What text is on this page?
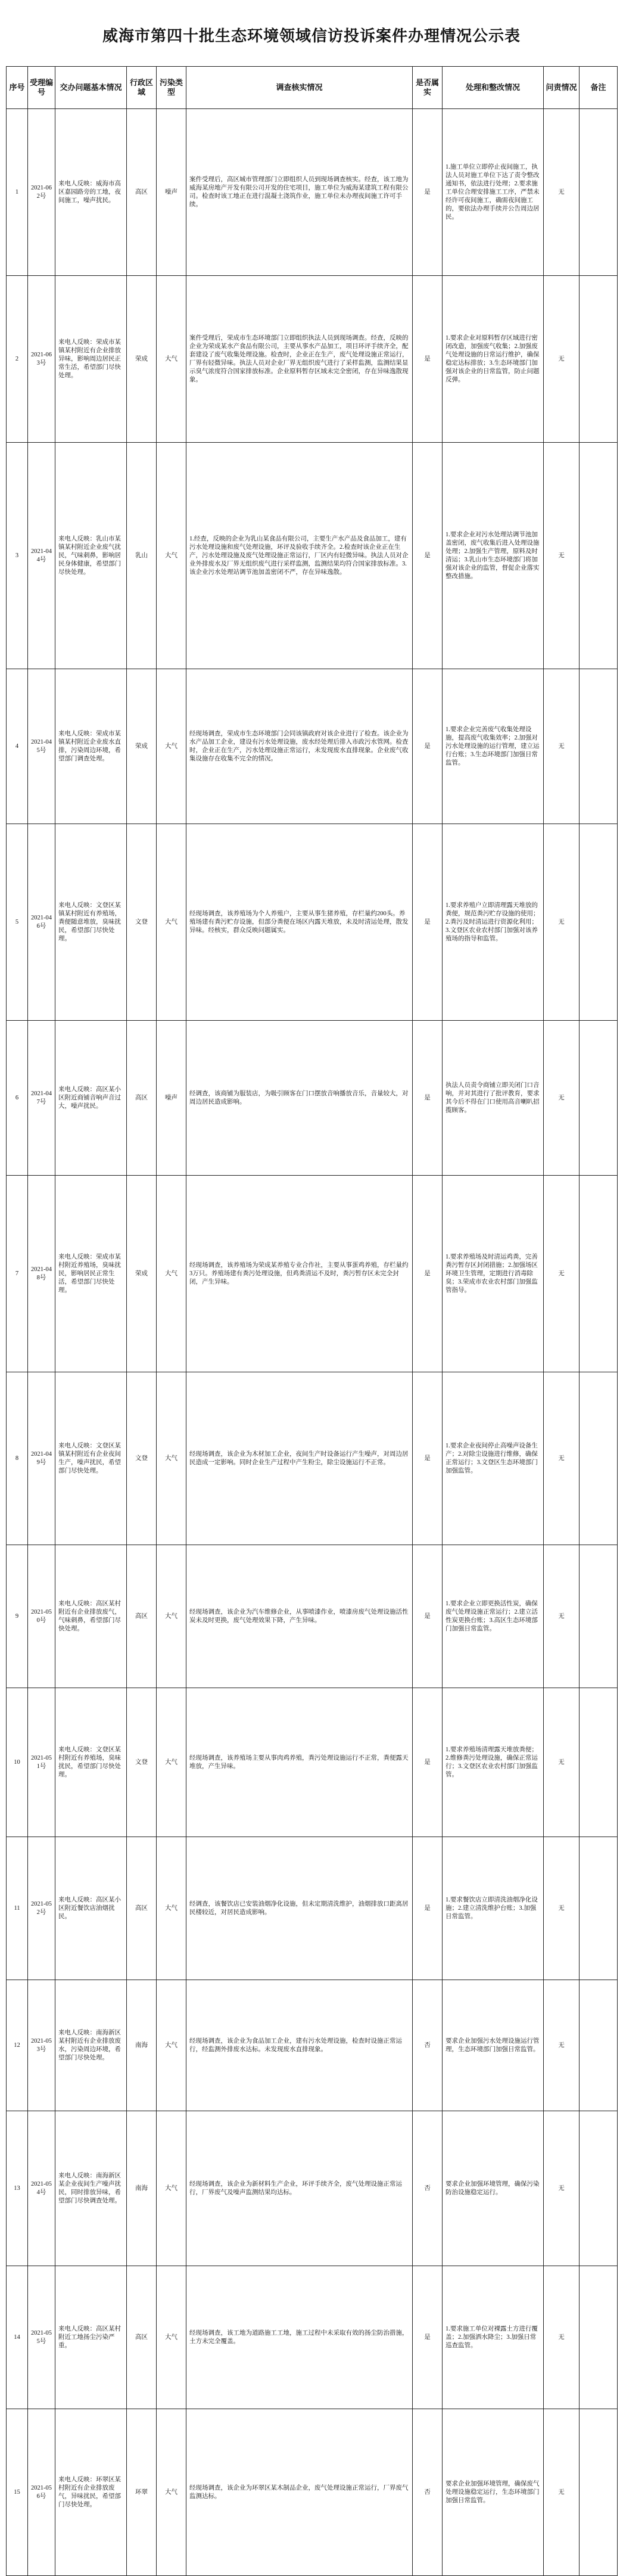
威海市第四十批生态环境领域信访投诉案件办理情况公示表
序号	受理编号	交办问题基本情况	行政区域	污染类型	调查核实情况	是否属实	处理和整改情况	问责情况	备注
1	2021-062号	来电人反映：威海市高区嘉园路旁的工地，夜间施工，噪声扰民。	高区	噪声	案件受理后，高区城市管理部门立即组织人员到现场调查核实。经查，该工地为威海某房地产开发有限公司开发的住宅项目，施工单位为威海某建筑工程有限公司。检查时该工地正在进行混凝土浇筑作业，施工单位未办理夜间施工许可手续。	是	1.施工单位立即停止夜间施工，执法人员对施工单位下达了责令整改通知书，依法进行处理；2.要求施工单位合理安排施工工序，严禁未经许可夜间施工，确需夜间施工的，要依法办理手续并公告周边居民。	无	
2	2021-063号	来电人反映：荣成市某镇某村附近有企业排放异味，影响周边居民正常生活，希望部门尽快处理。	荣成	大气	案件受理后，荣成市生态环境部门立即组织执法人员到现场调查。经查，反映的企业为荣成某水产食品有限公司，主要从事水产品加工，项目环评手续齐全，配套建设了废气收集处理设施。检查时，企业正在生产，废气处理设施正常运行，厂界有轻微异味。执法人员对企业厂界无组织废气进行了采样监测，监测结果显示臭气浓度符合国家排放标准。企业原料暂存区域未完全密闭，存在异味逸散现象。	是	1.要求企业对原料暂存区域进行密闭改造，加强废气收集；2.加强废气处理设施的日常运行维护，确保稳定达标排放；3.生态环境部门加强对该企业的日常监管，防止问题反弹。	无	
3	2021-044号	来电人反映：乳山市某镇某村附近企业废气扰民，气味刺鼻，影响居民身体健康，希望部门尽快处理。	乳山	大气	1.经查，反映的企业为乳山某食品有限公司，主要生产水产品及食品加工，建有污水处理设施和废气处理设施，环评及验收手续齐全。2.检查时该企业正在生产，污水处理设施及废气处理设施正常运行，厂区内有轻微异味。执法人员对企业外排废水及厂界无组织废气进行采样监测，监测结果均符合国家排放标准。3.该企业污水处理站调节池加盖密闭不严，存在异味逸散。	是	1.要求企业对污水处理站调节池加盖密闭，废气收集后进入处理设施处理；2.加强生产管理，原料及时清运；3.乳山市生态环境部门将加强对该企业的监管，督促企业落实整改措施。	无	
4	2021-045号	来电人反映：荣成市某镇某村附近企业废水直排，污染周边环境，希望部门调查处理。	荣成	大气	经现场调查，荣成市生态环境部门会同该镇政府对该企业进行了检查。该企业为水产品加工企业，建设有污水处理设施，废水经处理后排入市政污水管网。检查时，企业正在生产，污水处理设施正常运行，未发现废水直排现象。企业废气收集设施存在收集不完全的情况。	是	1.要求企业完善废气收集处理设施，提高废气收集效率；2.加强对污水处理设施的运行管理，建立运行台账；3.生态环境部门加强日常监管。	无	
5	2021-046号	来电人反映：文登区某镇某村附近有养殖场，粪便随意堆放，臭味扰民，希望部门尽快处理。	文登	大气	经现场调查，该养殖场为个人养殖户，主要从事生猪养殖，存栏量约200头。养殖场建有粪污贮存设施，但部分粪便在场区内露天堆放，未及时清运处理，散发异味。经核实，群众反映问题属实。	是	1.要求养殖户立即清理露天堆放的粪便，规范粪污贮存设施的使用；2.粪污及时清运进行资源化利用；3.文登区农业农村部门加强对该养殖场的指导和监管。	无	
6	2021-047号	来电人反映：高区某小区附近商铺音响声音过大，噪声扰民。	高区	噪声	经调查，该商铺为服装店，为吸引顾客在门口摆放音响播放音乐，音量较大，对周边居民造成影响。	是	执法人员责令商铺立即关闭门口音响，并对其进行了批评教育，要求其今后不得在门口使用高音喇叭招揽顾客。	无	
7	2021-048号	来电人反映：荣成市某村附近养殖场，臭味扰民，影响居民正常生活，希望部门尽快处理。	荣成	大气	经现场调查，该养殖场为荣成某养殖专业合作社，主要从事蛋鸡养殖，存栏量约3万只。养殖场建有粪污处理设施，但鸡粪清运不及时，粪污暂存区未完全封闭，产生异味。	是	1.要求养殖场及时清运鸡粪，完善粪污暂存区封闭措施；2.加强场区环境卫生管理，定期进行消毒除臭；3.荣成市农业农村部门加强监管指导。	无	
8	2021-049号	来电人反映：文登区某镇某村附近有企业夜间生产，噪声扰民，希望部门尽快处理。	文登	大气	经现场调查，该企业为木材加工企业，夜间生产时设备运行产生噪声，对周边居民造成一定影响。同时企业生产过程中产生粉尘，除尘设施运行不正常。	是	1.要求企业夜间停止高噪声设备生产；2.对除尘设施进行维修，确保正常运行；3.文登区生态环境部门加强监管。	无	
9	2021-050号	来电人反映：高区某村附近有企业排放废气，气味刺鼻，希望部门尽快处理。	高区	大气	经现场调查，该企业为汽车维修企业，从事喷漆作业，喷漆房废气处理设施活性炭未及时更换，废气处理效果下降，产生异味。	是	1.要求企业立即更换活性炭，确保废气处理设施正常运行；2.建立活性炭更换台账；3.高区生态环境部门加强日常监管。	无	
10	2021-051号	来电人反映：文登区某村附近有养殖场，臭味扰民，希望部门尽快处理。	文登	大气	经现场调查，该养殖场主要从事肉鸡养殖，粪污处理设施运行不正常，粪便露天堆放，产生异味。	是	1.要求养殖场清理露天堆放粪便；2.维修粪污处理设施，确保正常运行；3.文登区农业农村部门加强监管。	无	
11	2021-052号	来电人反映：高区某小区附近餐饮店油烟扰民。	高区	大气	经调查，该餐饮店已安装油烟净化设施，但未定期清洗维护，油烟排放口距离居民楼较近，对居民造成影响。	是	1.要求餐饮店立即清洗油烟净化设施；2.建立清洗维护台账；3.加强日常监管。	无	
12	2021-053号	来电人反映：南海新区某村附近有企业排放废水，污染周边环境，希望部门尽快处理。	南海	大气	经现场调查，该企业为食品加工企业，建有污水处理设施，检查时设施正常运行，经监测外排废水达标。未发现废水直排现象。	否	要求企业加强污水处理设施运行管理，生态环境部门加强日常监管。	无	
13	2021-054号	来电人反映：南海新区某企业夜间生产噪声扰民，同时排放异味，希望部门尽快调查处理。	南海	大气	经现场调查，该企业为新材料生产企业，环评手续齐全，废气处理设施正常运行，厂界废气及噪声监测结果均达标。	否	要求企业加强环境管理，确保污染防治设施稳定运行。	无	
14	2021-055号	来电人反映：高区某村附近工地扬尘污染严重。	高区	大气	经现场调查，该工地为道路施工工地，施工过程中未采取有效的扬尘防治措施，土方未完全覆盖。	是	1.要求施工单位对裸露土方进行覆盖；2.加强洒水降尘；3.加强日常巡查监管。	无	
15	2021-056号	来电人反映：环翠区某村附近有企业排放废气，异味扰民，希望部门尽快处理。	环翠	大气	经现场调查，该企业为环翠区某木制品企业，废气处理设施正常运行，厂界废气监测达标。	否	要求企业加强环境管理，确保废气处理设施稳定运行，生态环境部门加强日常监管。	无	
